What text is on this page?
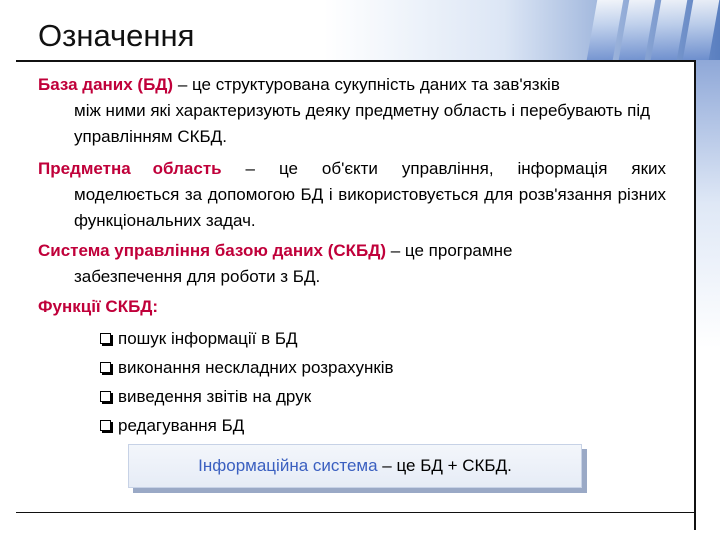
Означення

База даних (БД) – це структурована сукупність даних та зав'язків
між ними які характеризують деяку предметну область і перебувають під управлінням СКБД.

Предметна область – це об'єкти управління, інформація яких

моделюється за допомогою БД і використовується для розв'язання різних функціональних задач.

Система управління базою даних (СКБД) – це програмне
забезпечення для роботи з БД.

Функції СКБД:

пошук інформації в БД
виконання нескладних розрахунків
виведення звітів на друк
редагування БД
Інформаційна система – це БД + СКБД.
